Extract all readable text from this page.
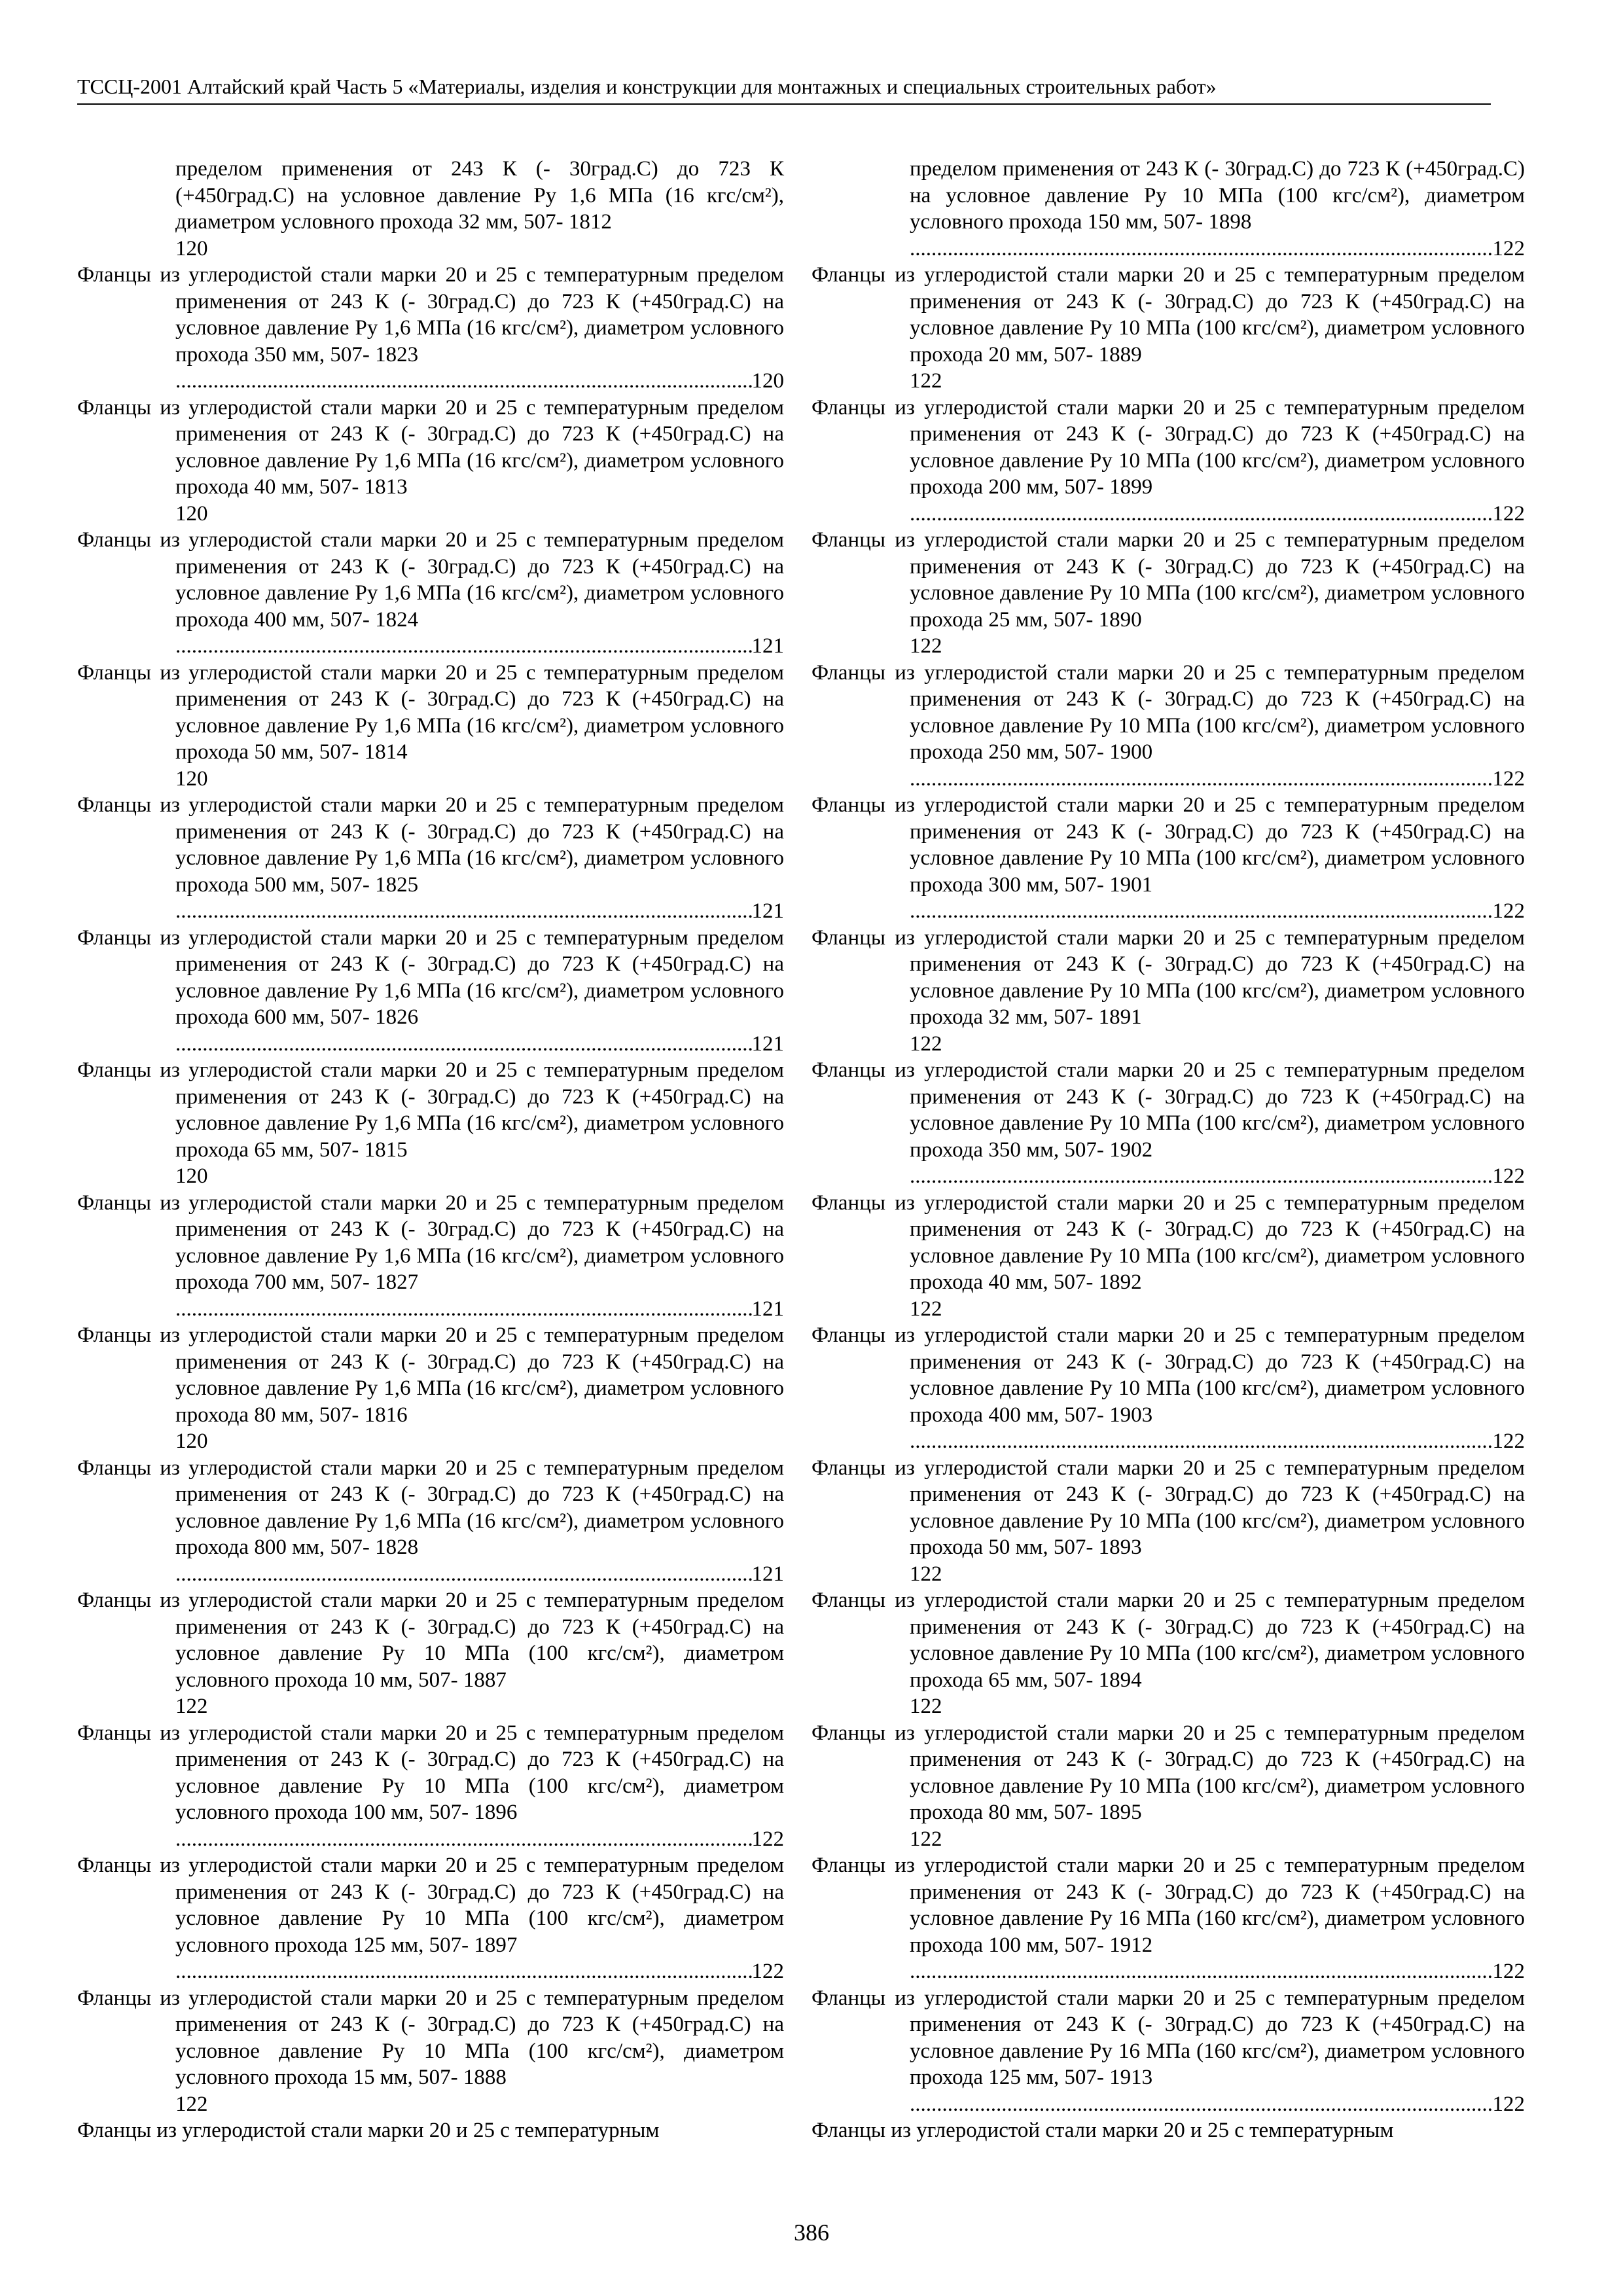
ТССЦ-2001 Алтайский край Часть 5 «Материалы, изделия и конструкции для монтажных и специальных строительных работ»
пределом применения от 243 К (- 30град.С) до 723 К (+450град.С) на условное давление Ру 1,6 МПа (16 кгс/см²), диаметром условного прохода 32 мм, 507- 1812
120
Фланцы из углеродистой стали марки 20 и 25 с температурным пределом применения от 243 К (- 30град.С) до 723 К (+450град.С) на условное давление Ру 1,6 МПа (16 кгс/см²), диаметром условного прохода 350 мм, 507- 1823
.....
120
Фланцы из углеродистой стали марки 20 и 25 с температурным пределом применения от 243 К (- 30град.С) до 723 К (+450град.С) на условное давление Ру 1,6 МПа (16 кгс/см²), диаметром условного прохода 40 мм, 507- 1813
120
Фланцы из углеродистой стали марки 20 и 25 с температурным пределом применения от 243 К (- 30град.С) до 723 К (+450град.С) на условное давление Ру 1,6 МПа (16 кгс/см²), диаметром условного прохода 400 мм, 507- 1824
.....
121
Фланцы из углеродистой стали марки 20 и 25 с температурным пределом применения от 243 К (- 30град.С) до 723 К (+450град.С) на условное давление Ру 1,6 МПа (16 кгс/см²), диаметром условного прохода 50 мм, 507- 1814
120
Фланцы из углеродистой стали марки 20 и 25 с температурным пределом применения от 243 К (- 30град.С) до 723 К (+450град.С) на условное давление Ру 1,6 МПа (16 кгс/см²), диаметром условного прохода 500 мм, 507- 1825
.....
121
Фланцы из углеродистой стали марки 20 и 25 с температурным пределом применения от 243 К (- 30град.С) до 723 К (+450град.С) на условное давление Ру 1,6 МПа (16 кгс/см²), диаметром условного прохода 600 мм, 507- 1826
.....
121
Фланцы из углеродистой стали марки 20 и 25 с температурным пределом применения от 243 К (- 30град.С) до 723 К (+450град.С) на условное давление Ру 1,6 МПа (16 кгс/см²), диаметром условного прохода 65 мм, 507- 1815
120
Фланцы из углеродистой стали марки 20 и 25 с температурным пределом применения от 243 К (- 30град.С) до 723 К (+450град.С) на условное давление Ру 1,6 МПа (16 кгс/см²), диаметром условного прохода 700 мм, 507- 1827
.....
121
Фланцы из углеродистой стали марки 20 и 25 с температурным пределом применения от 243 К (- 30град.С) до 723 К (+450град.С) на условное давление Ру 1,6 МПа (16 кгс/см²), диаметром условного прохода 80 мм, 507- 1816
120
Фланцы из углеродистой стали марки 20 и 25 с температурным пределом применения от 243 К (- 30град.С) до 723 К (+450град.С) на условное давление Ру 1,6 МПа (16 кгс/см²), диаметром условного прохода 800 мм, 507- 1828
.....
121
Фланцы из углеродистой стали марки 20 и 25 с температурным пределом применения от 243 К (- 30град.С) до 723 К (+450град.С) на условное давление Ру 10 МПа (100 кгс/см²), диаметром условного прохода 10 мм, 507- 1887
122
Фланцы из углеродистой стали марки 20 и 25 с температурным пределом применения от 243 К (- 30град.С) до 723 К (+450град.С) на условное давление Ру 10 МПа (100 кгс/см²), диаметром условного прохода 100 мм, 507- 1896
.....
122
Фланцы из углеродистой стали марки 20 и 25 с температурным пределом применения от 243 К (- 30град.С) до 723 К (+450град.С) на условное давление Ру 10 МПа (100 кгс/см²), диаметром условного прохода 125 мм, 507- 1897
.....
122
Фланцы из углеродистой стали марки 20 и 25 с температурным пределом применения от 243 К (- 30град.С) до 723 К (+450град.С) на условное давление Ру 10 МПа (100 кгс/см²), диаметром условного прохода 15 мм, 507- 1888
122
Фланцы из углеродистой стали марки 20 и 25 с температурным
пределом применения от 243 К (- 30град.С) до 723 К (+450град.С) на условное давление Ру 10 МПа (100 кгс/см²), диаметром условного прохода 150 мм, 507- 1898
.....
122
Фланцы из углеродистой стали марки 20 и 25 с температурным пределом применения от 243 К (- 30град.С) до 723 К (+450град.С) на условное давление Ру 10 МПа (100 кгс/см²), диаметром условного прохода 20 мм, 507- 1889
122
Фланцы из углеродистой стали марки 20 и 25 с температурным пределом применения от 243 К (- 30град.С) до 723 К (+450град.С) на условное давление Ру 10 МПа (100 кгс/см²), диаметром условного прохода 200 мм, 507- 1899
.....
122
Фланцы из углеродистой стали марки 20 и 25 с температурным пределом применения от 243 К (- 30град.С) до 723 К (+450град.С) на условное давление Ру 10 МПа (100 кгс/см²), диаметром условного прохода 25 мм, 507- 1890
122
Фланцы из углеродистой стали марки 20 и 25 с температурным пределом применения от 243 К (- 30град.С) до 723 К (+450град.С) на условное давление Ру 10 МПа (100 кгс/см²), диаметром условного прохода 250 мм, 507- 1900
.....
122
Фланцы из углеродистой стали марки 20 и 25 с температурным пределом применения от 243 К (- 30град.С) до 723 К (+450град.С) на условное давление Ру 10 МПа (100 кгс/см²), диаметром условного прохода 300 мм, 507- 1901
.....
122
Фланцы из углеродистой стали марки 20 и 25 с температурным пределом применения от 243 К (- 30град.С) до 723 К (+450град.С) на условное давление Ру 10 МПа (100 кгс/см²), диаметром условного прохода 32 мм, 507- 1891
122
Фланцы из углеродистой стали марки 20 и 25 с температурным пределом применения от 243 К (- 30град.С) до 723 К (+450град.С) на условное давление Ру 10 МПа (100 кгс/см²), диаметром условного прохода 350 мм, 507- 1902
.....
122
Фланцы из углеродистой стали марки 20 и 25 с температурным пределом применения от 243 К (- 30град.С) до 723 К (+450град.С) на условное давление Ру 10 МПа (100 кгс/см²), диаметром условного прохода 40 мм, 507- 1892
122
Фланцы из углеродистой стали марки 20 и 25 с температурным пределом применения от 243 К (- 30град.С) до 723 К (+450град.С) на условное давление Ру 10 МПа (100 кгс/см²), диаметром условного прохода 400 мм, 507- 1903
.....
122
Фланцы из углеродистой стали марки 20 и 25 с температурным пределом применения от 243 К (- 30град.С) до 723 К (+450град.С) на условное давление Ру 10 МПа (100 кгс/см²), диаметром условного прохода 50 мм, 507- 1893
122
Фланцы из углеродистой стали марки 20 и 25 с температурным пределом применения от 243 К (- 30град.С) до 723 К (+450град.С) на условное давление Ру 10 МПа (100 кгс/см²), диаметром условного прохода 65 мм, 507- 1894
122
Фланцы из углеродистой стали марки 20 и 25 с температурным пределом применения от 243 К (- 30град.С) до 723 К (+450град.С) на условное давление Ру 10 МПа (100 кгс/см²), диаметром условного прохода 80 мм, 507- 1895
122
Фланцы из углеродистой стали марки 20 и 25 с температурным пределом применения от 243 К (- 30град.С) до 723 К (+450град.С) на условное давление Ру 16 МПа (160 кгс/см²), диаметром условного прохода 100 мм, 507- 1912
.....
122
Фланцы из углеродистой стали марки 20 и 25 с температурным пределом применения от 243 К (- 30град.С) до 723 К (+450град.С) на условное давление Ру 16 МПа (160 кгс/см²), диаметром условного прохода 125 мм, 507- 1913
.....
122
Фланцы из углеродистой стали марки 20 и 25 с температурным
386
